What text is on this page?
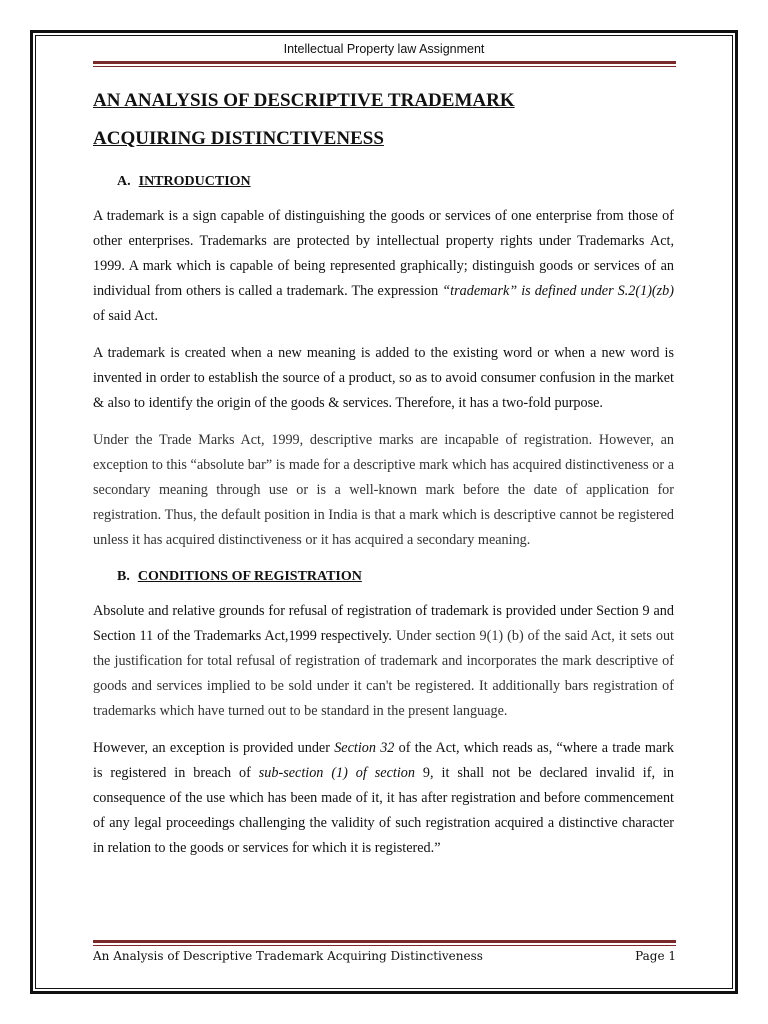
Intellectual Property law Assignment
AN ANALYSIS OF DESCRIPTIVE TRADEMARK
ACQUIRING DISTINCTIVENESS
A. INTRODUCTION

A trademark is a sign capable of distinguishing the goods or services of one enterprise from those of other enterprises. Trademarks are protected by intellectual property rights under Trademarks Act, 1999. A mark which is capable of being represented graphically; distinguish goods or services of an individual from others is called a trademark. The expression “trademark” is defined under S.2(1)(zb) of said Act.

A trademark is created when a new meaning is added to the existing word or when a new word is invented in order to establish the source of a product, so as to avoid consumer confusion in the market & also to identify the origin of the goods & services. Therefore, it has a two-fold purpose.

Under the Trade Marks Act, 1999, descriptive marks are incapable of registration. However, an exception to this “absolute bar” is made for a descriptive mark which has acquired distinctiveness or a secondary meaning through use or is a well-known mark before the date of application for registration. Thus, the default position in India is that a mark which is descriptive cannot be registered unless it has acquired distinctiveness or it has acquired a secondary meaning.

B. CONDITIONS OF REGISTRATION

Absolute and relative grounds for refusal of registration of trademark is provided under Section 9 and Section 11 of the Trademarks Act,1999 respectively. Under section 9(1) (b) of the said Act, it sets out the justification for total refusal of registration of trademark and incorporates the mark descriptive of goods and services implied to be sold under it can't be registered. It additionally bars registration of trademarks which have turned out to be standard in the present language.

However, an exception is provided under Section 32 of the Act, which reads as, “where a trade mark is registered in breach of sub-section (1) of section 9, it shall not be declared invalid if, in consequence of the use which has been made of it, it has after registration and before commencement of any legal proceedings challenging the validity of such registration acquired a distinctive character in relation to the goods or services for which it is registered.”

An Analysis of Descriptive Trademark Acquiring Distinctiveness	Page 1
